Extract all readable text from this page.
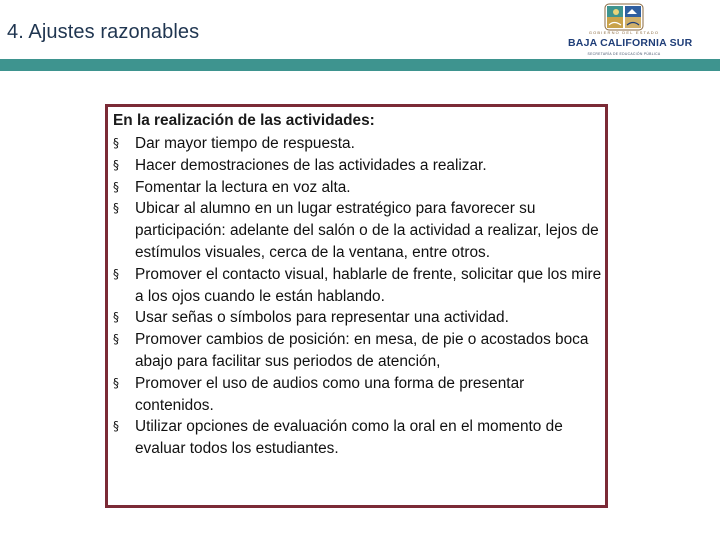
4. Ajustes razonables	GOBIERNO DEL ESTADO
BAJA CALIFORNIA SUR
SECRETARÍA DE EDUCACIÓN PÚBLICA
En la realización de las actividades:
§	Dar mayor tiempo de respuesta.
§	Hacer demostraciones de las actividades a realizar.
§	Fomentar la lectura en voz alta.
§	Ubicar al alumno en un lugar estratégico para favorecer su participación: adelante del salón o de la actividad a realizar, lejos de estímulos visuales, cerca de la ventana, entre otros.
§	Promover el contacto visual, hablarle de frente, solicitar que los mire a los ojos cuando le están hablando.
§	Usar señas o símbolos para representar una actividad.
§	Promover cambios de posición: en mesa, de pie o acostados boca abajo para facilitar sus periodos de atención,
§	Promover el uso de audios como una forma de presentar contenidos.
§	Utilizar opciones de evaluación como la oral en el momento de evaluar todos los estudiantes.
